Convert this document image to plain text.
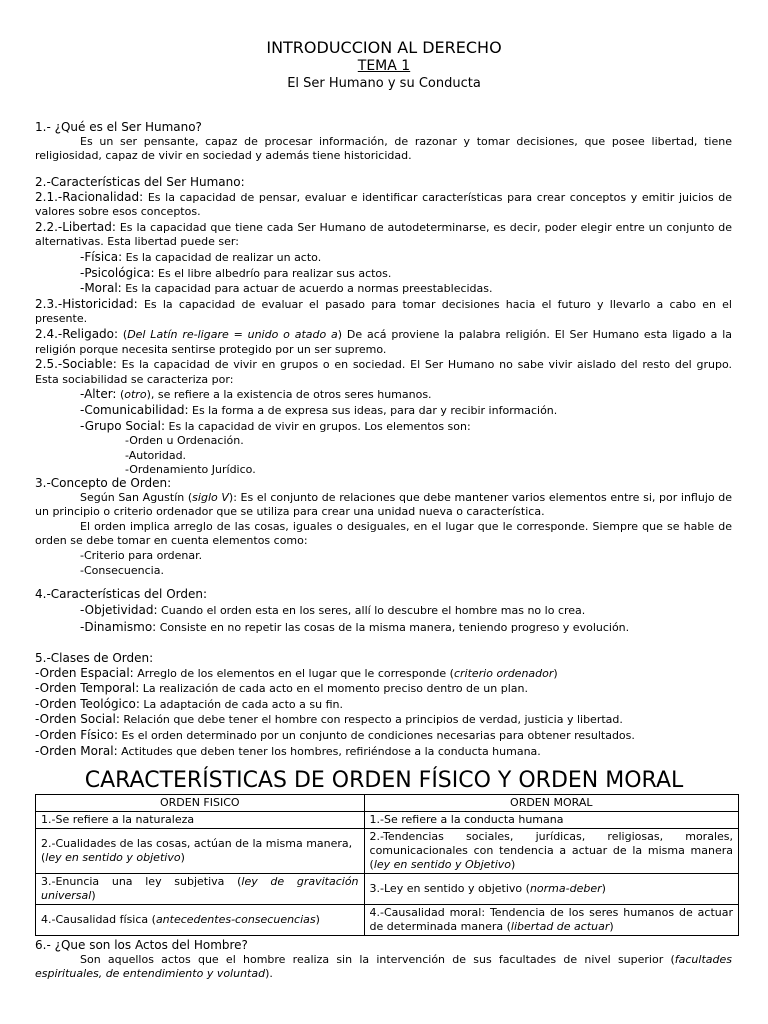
INTRODUCCION AL DERECHO
TEMA 1
El Ser Humano y su Conducta
1.- ¿Qué es el Ser Humano?
Es un ser pensante, capaz de procesar información, de razonar y tomar decisiones, que posee libertad, tiene religiosidad, capaz de vivir en sociedad y además tiene historicidad.
2.-Características del Ser Humano:
2.1.-Racionalidad: Es la capacidad de pensar, evaluar e identificar características para crear conceptos y emitir juicios de valores sobre esos conceptos.
2.2.-Libertad: Es la capacidad que tiene cada Ser Humano de autodeterminarse, es decir, poder elegir entre un conjunto de alternativas. Esta libertad puede ser:
-Física: Es la capacidad de realizar un acto.
-Psicológica: Es el libre albedrío para realizar sus actos.
-Moral: Es la capacidad para actuar de acuerdo a normas preestablecidas.
2.3.-Historicidad: Es la capacidad de evaluar el pasado para tomar decisiones hacia el futuro y llevarlo a cabo en el presente.
2.4.-Religado: (Del Latín re-ligare = unido o atado a) De acá proviene la palabra religión. El Ser Humano esta ligado a la religión porque necesita sentirse protegido por un ser supremo.
2.5.-Sociable: Es la capacidad de vivir en grupos o en sociedad. El Ser Humano no sabe vivir aislado del resto del grupo. Esta sociabilidad se caracteriza por:
-Alter: (otro), se refiere a la existencia de otros seres humanos.
-Comunicabilidad: Es la forma a de expresa sus ideas, para dar y recibir información.
-Grupo Social: Es la capacidad de vivir en grupos. Los elementos son:
-Orden u Ordenación.
-Autoridad.
-Ordenamiento Jurídico.
3.-Concepto de Orden:
Según San Agustín (siglo V): Es el conjunto de relaciones que debe mantener varios elementos entre si, por influjo de un principio o criterio ordenador que se utiliza para crear una unidad nueva o característica.
El orden implica arreglo de las cosas, iguales o desiguales, en el lugar que le corresponde. Siempre que se hable de orden se debe tomar en cuenta elementos como:
-Criterio para ordenar.
-Consecuencia.
4.-Características del Orden:
-Objetividad: Cuando el orden esta en los seres, allí lo descubre el hombre mas no lo crea.
-Dinamismo: Consiste en no repetir las cosas de la misma manera, teniendo progreso y evolución.
5.-Clases de Orden:
-Orden Espacial: Arreglo de los elementos en el lugar que le corresponde (criterio ordenador)
-Orden Temporal: La realización de cada acto en el momento preciso dentro de un plan.
-Orden Teológico: La adaptación de cada acto a su fin.
-Orden Social: Relación que debe tener el hombre con respecto a principios de verdad, justicia y libertad.
-Orden Físico: Es el orden determinado por un conjunto de condiciones necesarias para obtener resultados.
-Orden Moral: Actitudes que deben tener los hombres, refiriéndose a la conducta humana.
CARACTERÍSTICAS DE ORDEN FÍSICO Y ORDEN MORAL
ORDEN FISICO	ORDEN MORAL
1.-Se refiere a la naturaleza	1.-Se refiere a la conducta humana
2.-Cualidades de las cosas, actúan de la misma manera, (ley en sentido y objetivo)	2.-Tendencias sociales, jurídicas, religiosas, morales, comunicacionales con tendencia a actuar de la misma manera (ley en sentido y Objetivo)
3.-Enuncia una ley subjetiva (ley de gravitación universal)	3.-Ley en sentido y objetivo (norma-deber)
4.-Causalidad física (antecedentes-consecuencias)	4.-Causalidad moral: Tendencia de los seres humanos de actuar de determinada manera (libertad de actuar)
6.- ¿Que son los Actos del Hombre?
Son aquellos actos que el hombre realiza sin la intervención de sus facultades de nivel superior (facultades espirituales, de entendimiento y voluntad).
